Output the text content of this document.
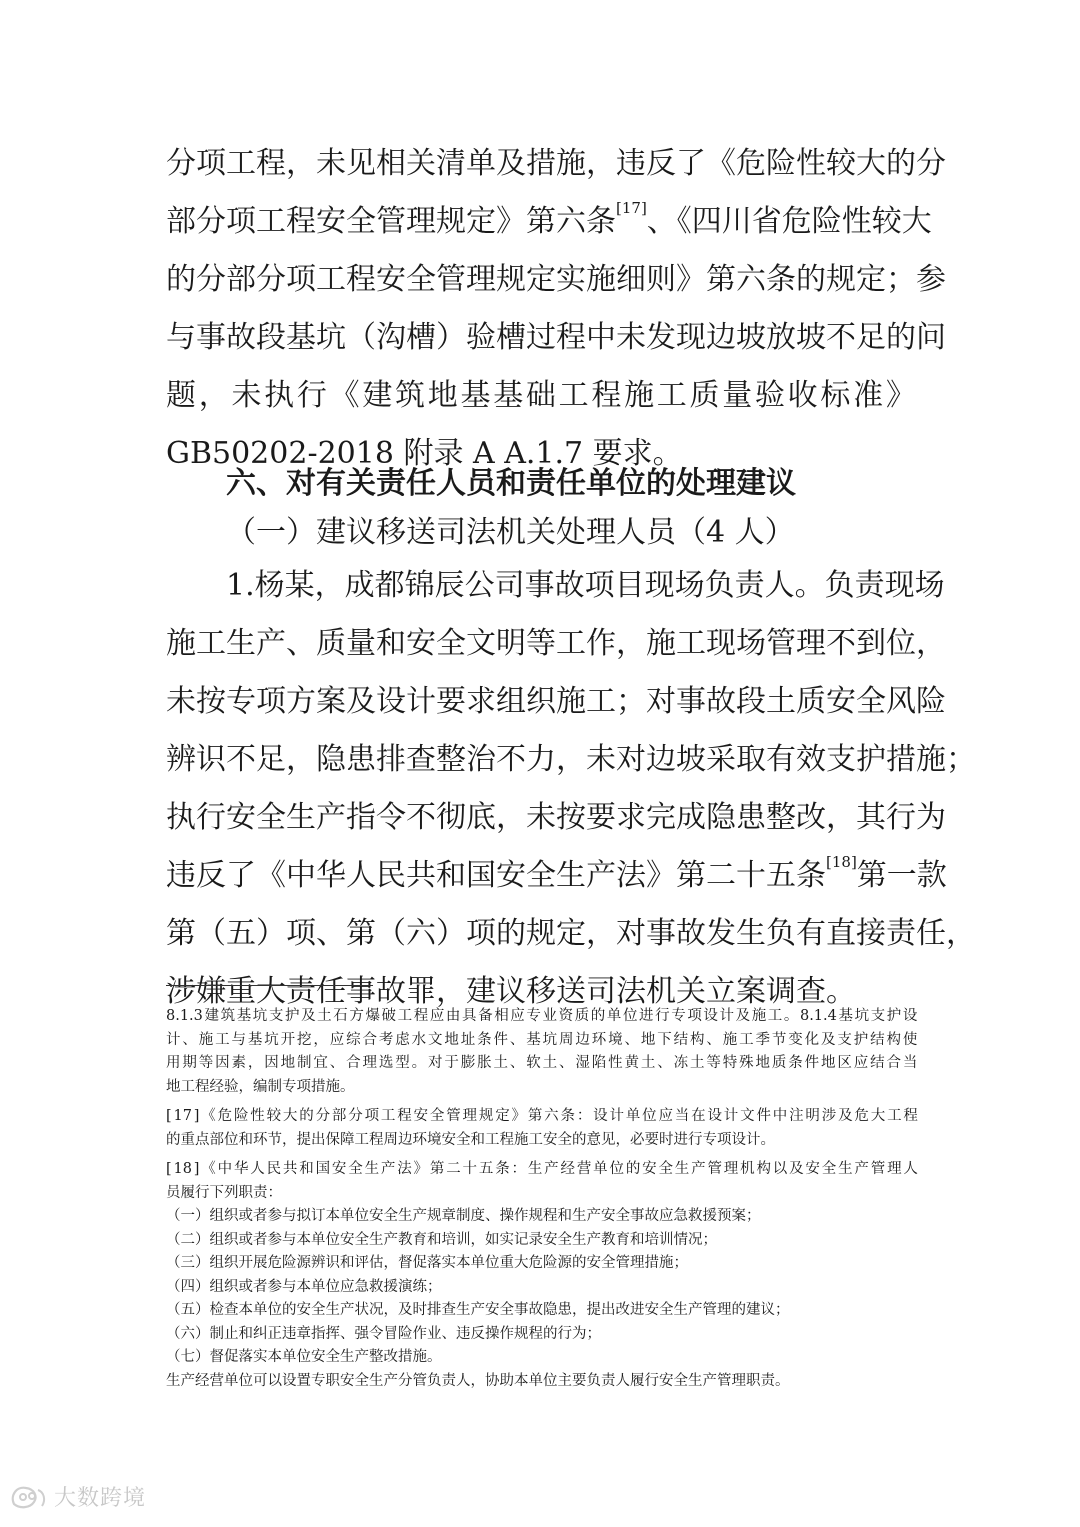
分 项 工 程 ， 未 见 相 关 清 单 及 措 施 ， 违 反 了 《 危 险 性 较 大 的 分
部分项工程安全管理规定》第六条 [17] 、《四川省危险性较大
的 分 部 分 项 工 程 安 全 管 理 规 定 实 施 细 则 》 第 六 条 的 规 定 ； 参
与 事 故 段 基 坑 （ 沟 槽 ） 验 槽 过 程 中 未 发 现 边 坡 放 坡 不 足 的 问
题 ， 未 执 行 《 建 筑 地 基 基 础 工 程 施 工 质 量 验 收 标 准 》
GB50202-2018 附录 A A.1.7 要求。
六、对有关责任人员和责任单位的处理建议
（一）建议移送司法机关处理人员（4 人）
1. 杨 某 ， 成 都 锦 辰 公 司 事 故 项 目 现 场 负 责 人 。 负 责 现 场
施 工 生 产 、 质 量 和 安 全 文 明 等 工 作 ， 施 工 现 场 管 理 不 到 位 ，
未 按 专 项 方 案 及 设 计 要 求 组 织 施 工 ； 对 事 故 段 土 质 安 全 风 险
辨 识 不 足 ， 隐 患 排 查 整 治 不 力 ， 未 对 边 坡 采 取 有 效 支 护 措 施 ；
执 行 安 全 生 产 指 令 不 彻 底 ， 未 按 要 求 完 成 隐 患 整 改 ， 其 行 为
违反了《中华人民共和国安全生产法》第二十五条 [18] 第一款
第 （ 五 ） 项 、 第 （ 六 ） 项 的 规 定 ， 对 事 故 发 生 负 有 直 接 责 任 ，
涉嫌重大责任事故罪，建议移送司法机关立案调查。
8.1.3 建 筑 基 坑 支 护 及 土 石 方 爆 破 工 程 应 由 具 备 相 应 专 业 资 质 的 单 位 进 行 专 项 设 计 及 施 工 。 8.1.4 基 坑 支 护 设
计 、 施 工 与 基 坑 开 挖 ， 应 综 合 考 虑 水 文 地 址 条 件 、 基 坑 周 边 环 境 、 地 下 结 构 、 施 工 季 节 变 化 及 支 护 结 构 使
用 期 等 因 素 ， 因 地 制 宜 、 合 理 选 型 。 对 于 膨 胀 土 、 软 土 、 湿 陷 性 黄 土 、 冻 土 等 特 殊 地 质 条 件 地 区 应 结 合 当
地工程经验，编制专项措施。
[ 17 ] 《 危 险 性 较 大 的 分 部 分 项 工 程 安 全 管 理 规 定 》 第 六 条 ： 设 计 单 位 应 当 在 设 计 文 件 中 注 明 涉 及 危 大 工 程
的重点部位和环节，提出保障工程周边环境安全和工程施工安全的意见，必要时进行专项设计。
[ 18 ] 《 中 华 人 民 共 和 国 安 全 生 产 法 》 第 二 十 五 条 ： 生 产 经 营 单 位 的 安 全 生 产 管 理 机 构 以 及 安 全 生 产 管 理 人
员履行下列职责：
（一）组织或者参与拟订本单位安全生产规章制度、操作规程和生产安全事故应急救援预案；
（二）组织或者参与本单位安全生产教育和培训，如实记录安全生产教育和培训情况；
（三）组织开展危险源辨识和评估，督促落实本单位重大危险源的安全管理措施；
（四）组织或者参与本单位应急救援演练；
（五）检查本单位的安全生产状况，及时排查生产安全事故隐患，提出改进安全生产管理的建议；
（六）制止和纠正违章指挥、强令冒险作业、违反操作规程的行为；
（七）督促落实本单位安全生产整改措施。
生产经营单位可以设置专职安全生产分管负责人，协助本单位主要负责人履行安全生产管理职责。
大数跨境
